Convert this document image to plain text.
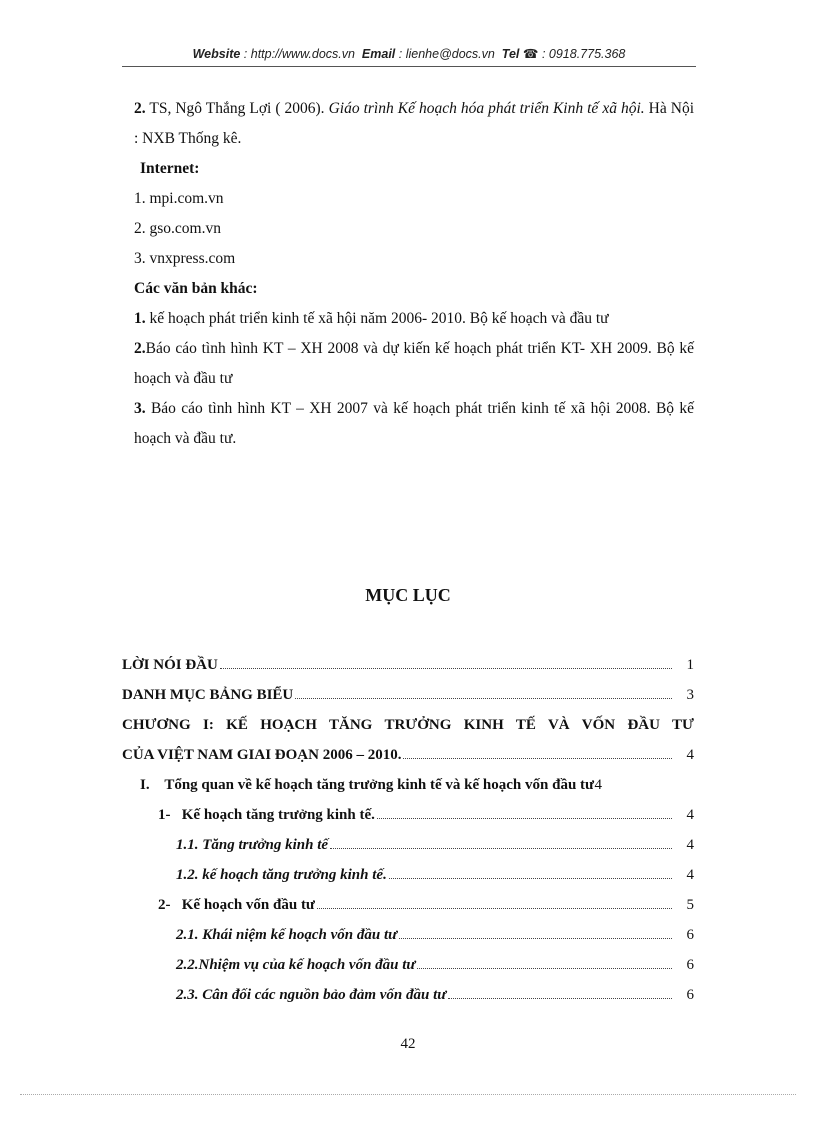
Website : http://www.docs.vn Email : lienhe@docs.vn Tel ☎ : 0918.775.368

2. TS, Ngô Thắng Lợi ( 2006). Giáo trình Kế hoạch hóa phát triển Kinh tế xã hội. Hà Nội : NXB Thống kê.

Internet:

1. mpi.com.vn

2. gso.com.vn

3. vnxpress.com

Các văn bản khác:

1. kế hoạch phát triển kinh tế xã hội năm 2006- 2010. Bộ kế hoạch và đầu tư

2.Báo cáo tình hình KT – XH 2008 và dự kiến kế hoạch phát triển KT- XH 2009. Bộ kế hoạch và đầu tư

3. Báo cáo tình hình KT – XH 2007 và kế hoạch phát triển kinh tế xã hội 2008. Bộ kế hoạch và đầu tư.

MỤC LỤC
LỜI NÓI ĐẦU	1
DANH MỤC BẢNG BIỂU	3
CHƯƠNG I: KẾ HOẠCH TĂNG TRƯỞNG KINH TẾ VÀ VỐN ĐẦU TƯ
CỦA VIỆT NAM GIAI ĐOẠN 2006 – 2010.	4
I.    Tổng quan về kế hoạch tăng trưởng kinh tế và kế hoạch vốn đầu tư 4
1-   Kế hoạch tăng trưởng kinh tế.	4
1.1. Tăng trưởng kinh tế	4
1.2. kế hoạch tăng trưởng kinh tế.	4
2-   Kế hoạch vốn đầu tư	5
2.1. Khái niệm kế hoạch vốn đầu tư	6
2.2.Nhiệm vụ của kế hoạch vốn đầu tư	6
2.3. Cân đối các nguồn bảo đảm vốn đầu tư	6
42
